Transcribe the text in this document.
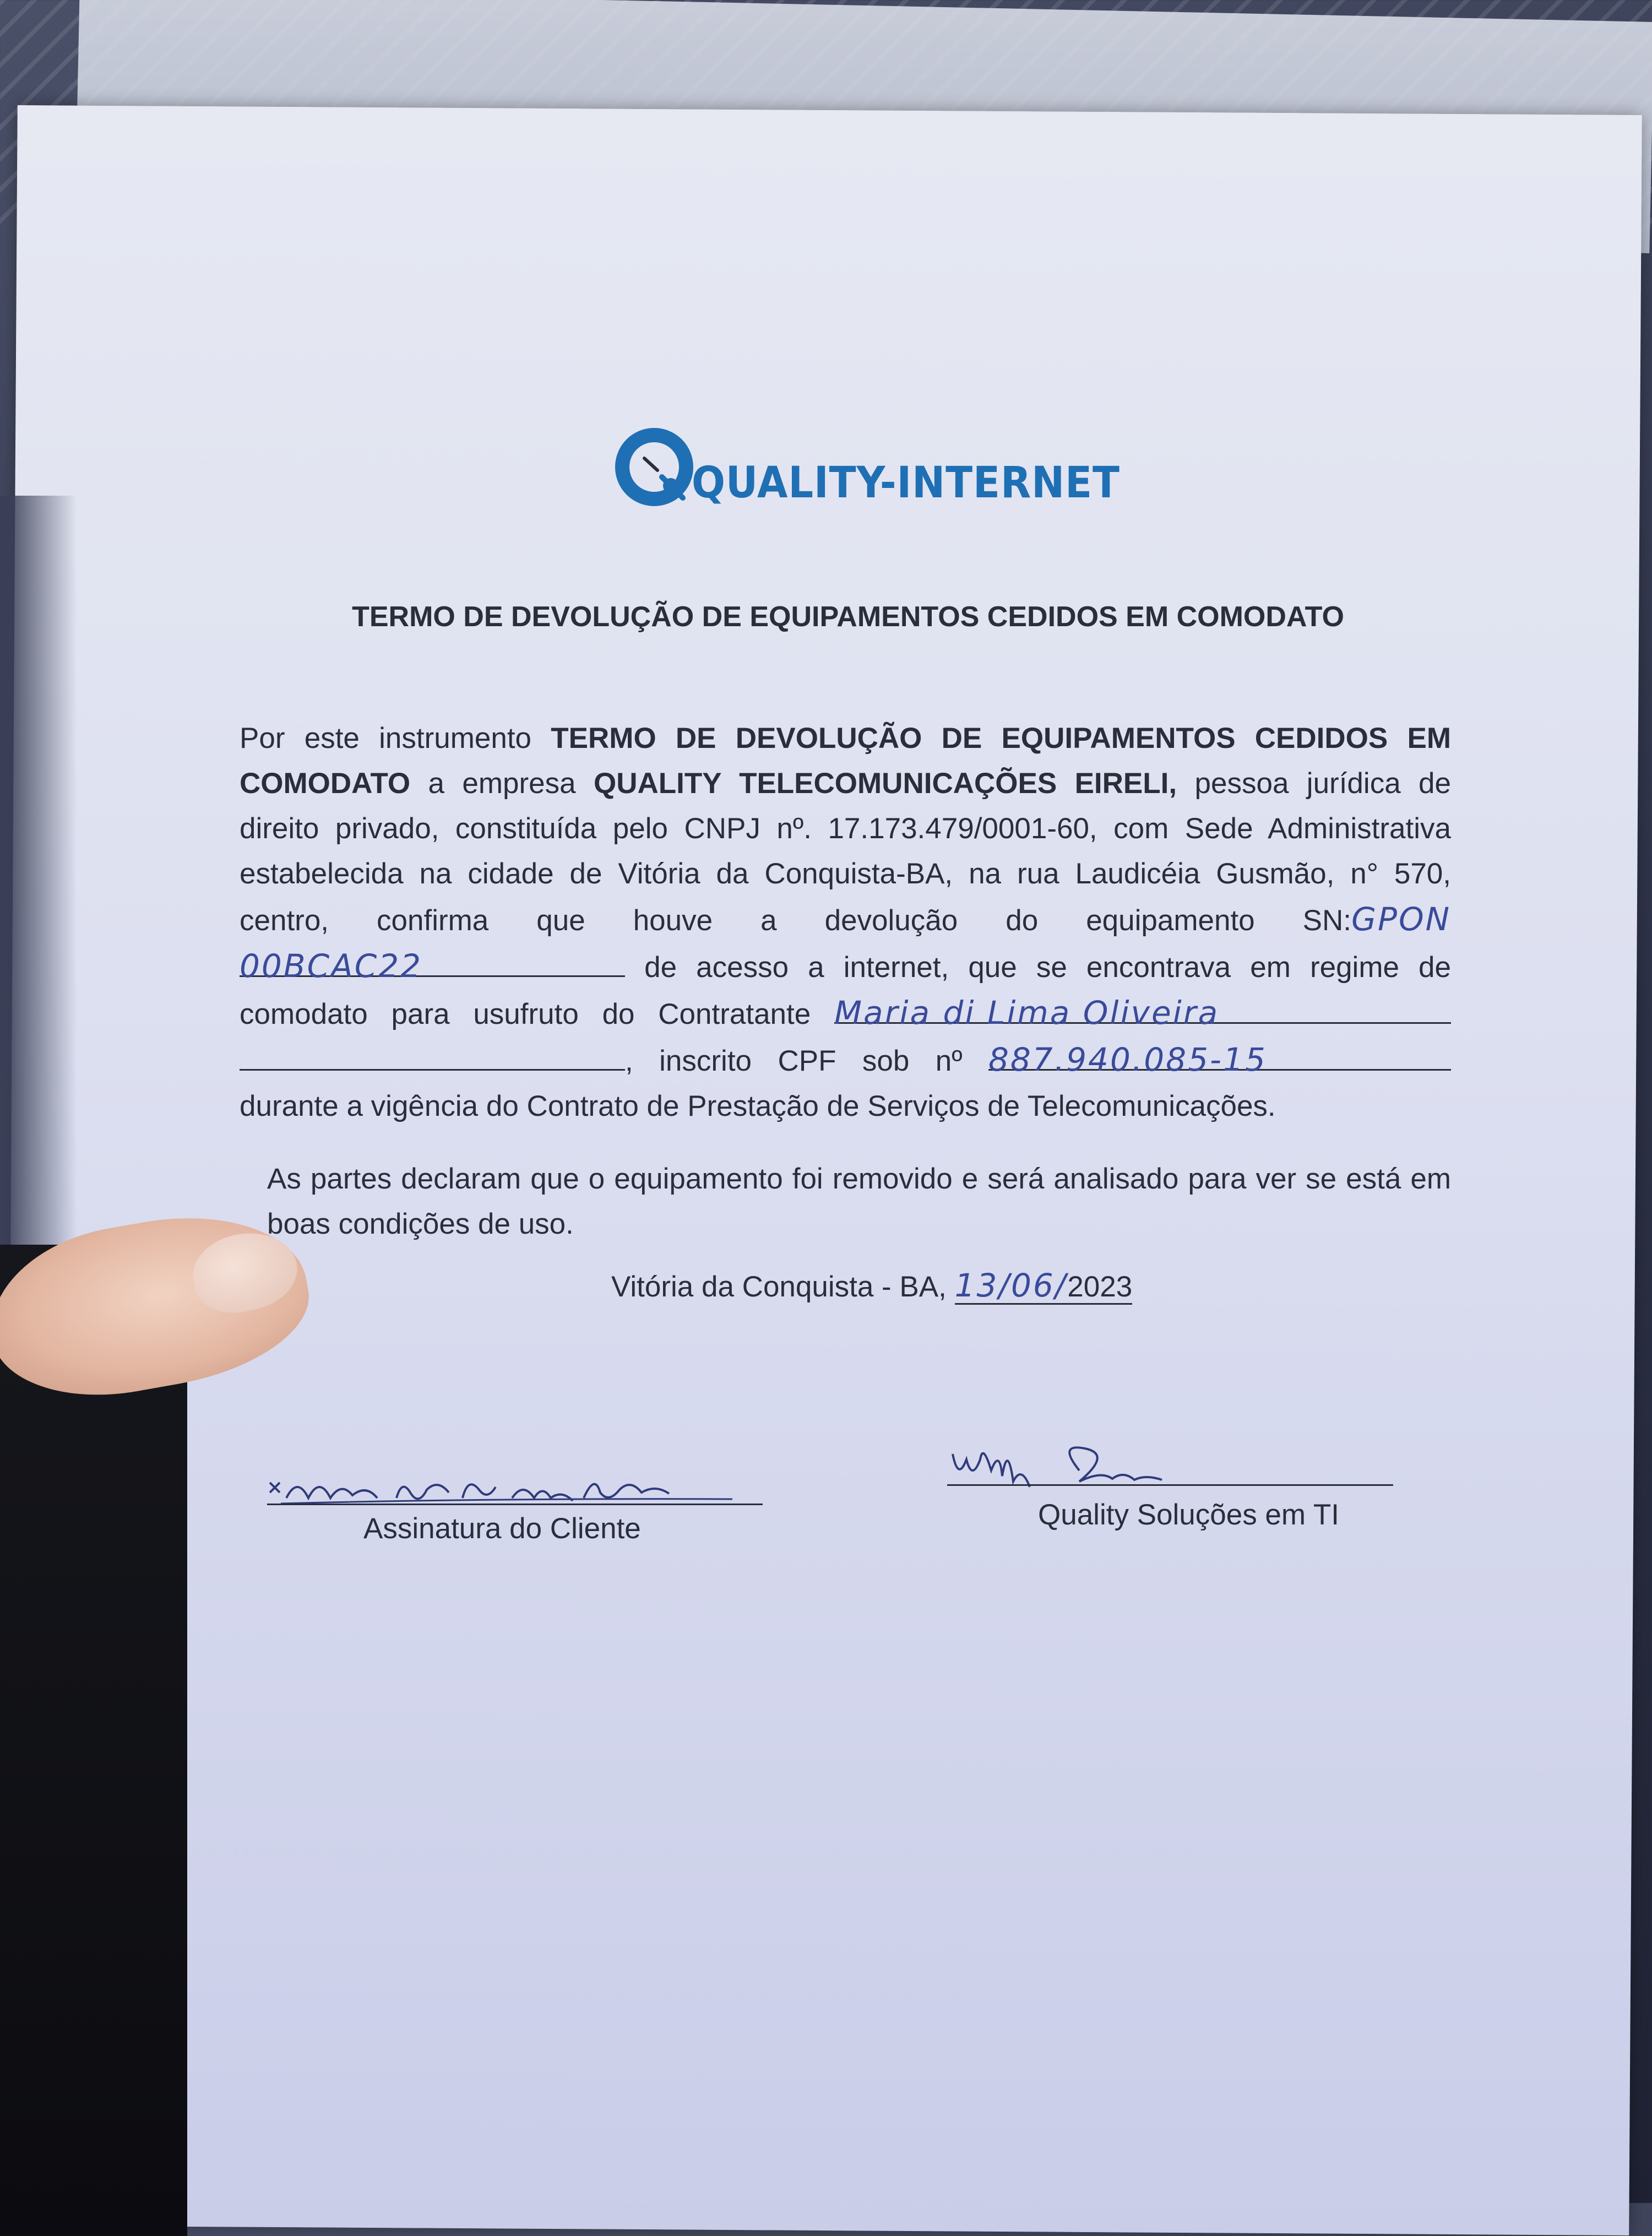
QUALITY-INTERNET
TERMO DE DEVOLUÇÃO DE EQUIPAMENTOS CEDIDOS EM COMODATO
Por este instrumento TERMO DE DEVOLUÇÃO DE EQUIPAMENTOS CEDIDOS EM COMODATO a empresa QUALITY TELECOMUNICAÇÕES EIRELI, pessoa jurídica de direito privado, constituída pelo CNPJ nº. 17.173.479/0001-60, com Sede Administrativa estabelecida na cidade de Vitória da Conquista-BA, na rua Laudicéia Gusmão, n° 570, centro, confirma que houve a devolução do equipamento SN:GPON 00BCAC22	de acesso a internet, que se encontrava em regime de comodato para usufruto do Contratante Maria di Lima Oliveira , inscrito CPF sob nº 887.940.085-15 durante a vigência do Contrato de Prestação de Serviços de Telecomunicações.
As partes declaram que o equipamento foi removido e será analisado para ver se está em boas condições de uso.
Vitória da Conquista - BA, 13/06/2023
Assinatura do Cliente	Quality Soluções em TI
